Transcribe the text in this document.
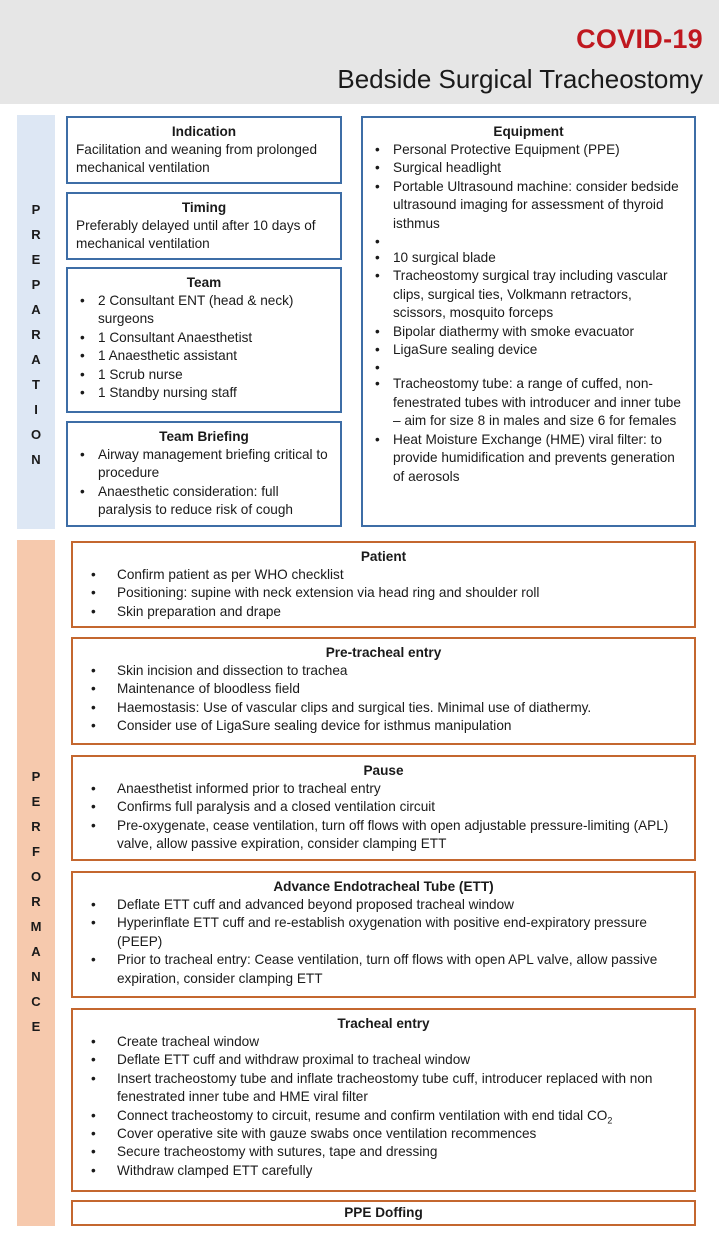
COVID-19
Bedside Surgical Tracheostomy
P
R
E
P
A
R
A
T
I
O
N
P
E
R
F
O
R
M
A
N
C
E
Indication

Facilitation and weaning from prolonged mechanical ventilation

Timing

Preferably delayed until after 10 days of mechanical ventilation

Team
• 2 Consultant ENT (head & neck) surgeons
• 1 Consultant Anaesthetist
• 1 Anaesthetic assistant
• 1 Scrub nurse
• 1 Standby nursing staff
Team Briefing
• Airway management briefing critical to procedure
• Anaesthetic consideration: full paralysis to reduce risk of cough
Equipment
• Personal Protective Equipment (PPE)
• Surgical headlight
• Portable Ultrasound machine: consider bedside ultrasound imaging for assessment of thyroid isthmus
•
• 10 surgical blade
• Tracheostomy surgical tray including vascular clips, surgical ties, Volkmann retractors, scissors, mosquito forceps
• Bipolar diathermy with smoke evacuator
• LigaSure sealing device
•
• Tracheostomy tube: a range of cuffed, non-fenestrated tubes with introducer and inner tube – aim for size 8 in males and size 6 for females
• Heat Moisture Exchange (HME) viral filter: to provide humidification and prevents generation of aerosols
Patient
• Confirm patient as per WHO checklist
• Positioning: supine with neck extension via head ring and shoulder roll
• Skin preparation and drape
Pre-tracheal entry
• Skin incision and dissection to trachea
• Maintenance of bloodless field
• Haemostasis: Use of vascular clips and surgical ties. Minimal use of diathermy.
• Consider use of LigaSure sealing device for isthmus manipulation
Pause
• Anaesthetist informed prior to tracheal entry
• Confirms full paralysis and a closed ventilation circuit
• Pre-oxygenate, cease ventilation, turn off flows with open adjustable pressure-limiting (APL) valve, allow passive expiration, consider clamping ETT
Advance Endotracheal Tube (ETT)
• Deflate ETT cuff and advanced beyond proposed tracheal window
• Hyperinflate ETT cuff and re-establish oxygenation with positive end-expiratory pressure (PEEP)
• Prior to tracheal entry: Cease ventilation, turn off flows with open APL valve, allow passive expiration, consider clamping ETT
Tracheal entry
• Create tracheal window
• Deflate ETT cuff and withdraw proximal to tracheal window
• Insert tracheostomy tube and inflate tracheostomy tube cuff, introducer replaced with non fenestrated inner tube and HME viral filter
• Connect tracheostomy to circuit, resume and confirm ventilation with end tidal $CO_2$
• Cover operative site with gauze swabs once ventilation recommences
• Secure tracheostomy with sutures, tape and dressing
• Withdraw clamped ETT carefully
PPE Doffing
